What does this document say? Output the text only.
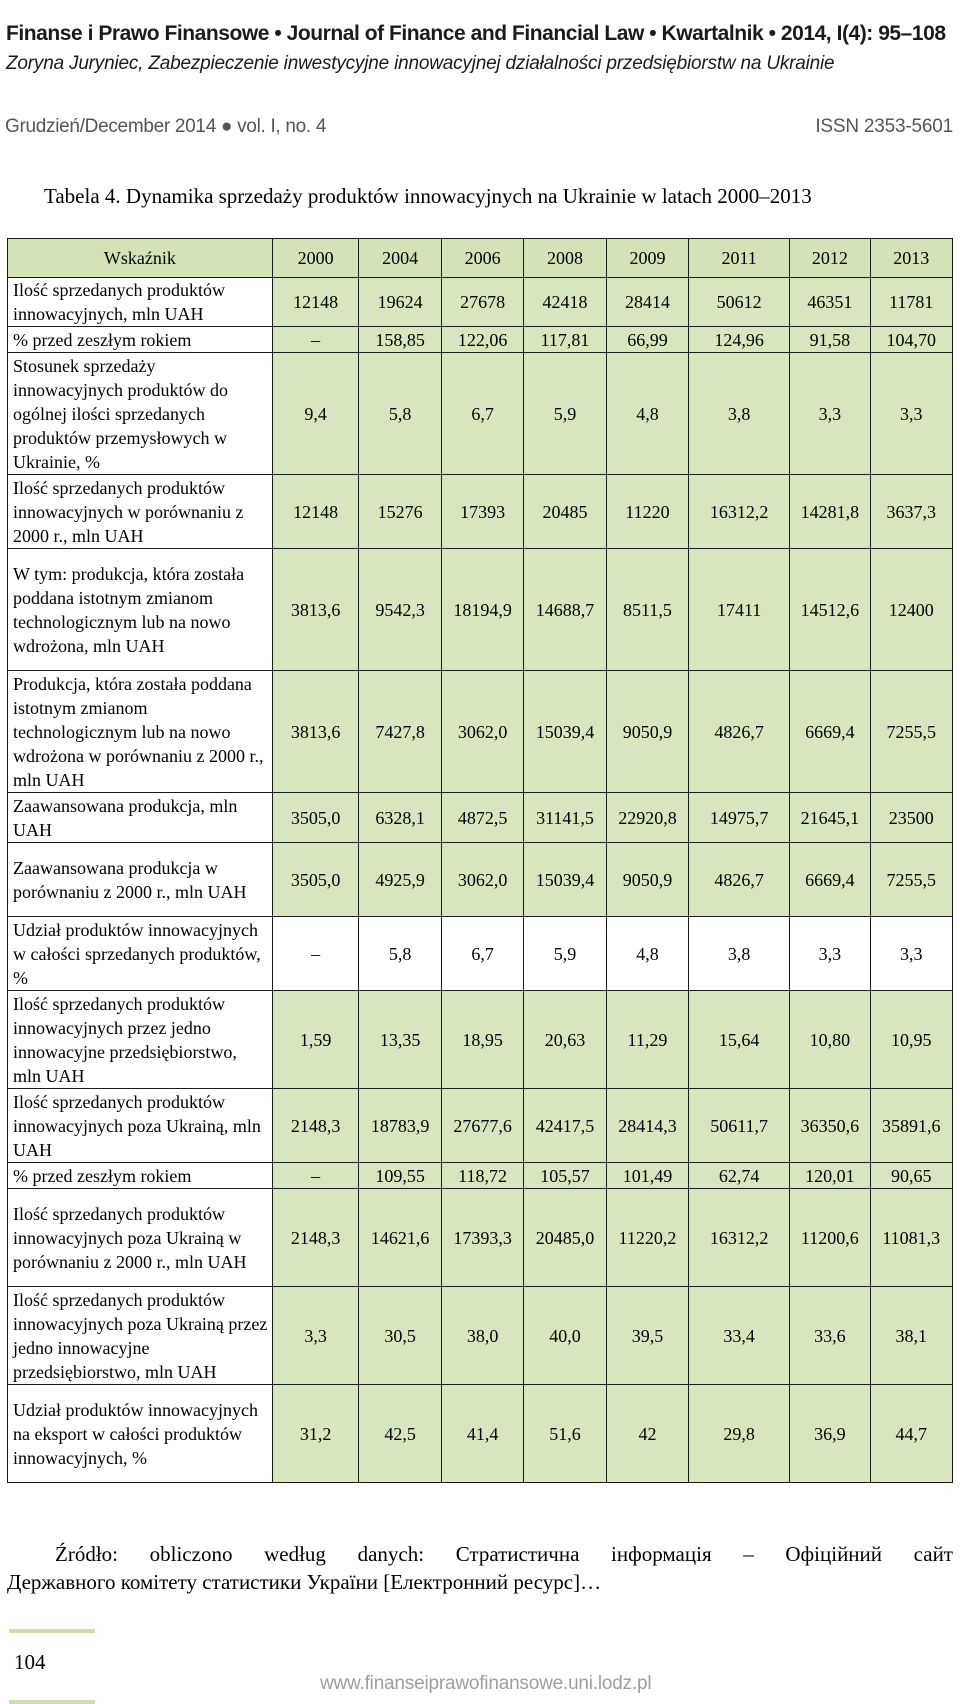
Finanse i Prawo Finansowe • Journal of Finance and Financial Law • Kwartalnik • 2014, I(4): 95–108
Zoryna Juryniec, Zabezpieczenie inwestycyjne innowacyjnej działalności przedsiębiorstw na Ukrainie
Grudzień/December 2014 ● vol. I, no. 4	ISSN 2353-5601
Tabela 4. Dynamika sprzedaży produktów innowacyjnych na Ukrainie w latach 2000–2013
Wskaźnik	2000	2004	2006	2008	2009	2011	2012	2013
Ilość sprzedanych produktów innowacyjnych, mln UAH	12148	19624	27678	42418	28414	50612	46351	11781
% przed zeszłym rokiem	–	158,85	122,06	117,81	66,99	124,96	91,58	104,70
Stosunek sprzedaży innowacyjnych produktów do ogólnej ilości sprzedanych produktów przemysłowych w Ukrainie, %	9,4	5,8	6,7	5,9	4,8	3,8	3,3	3,3
Ilość sprzedanych produktów innowacyjnych w porównaniu z 2000 r., mln UAH	12148	15276	17393	20485	11220	16312,2	14281,8	3637,3
W tym: produkcja, która została poddana istotnym zmianom technologicznym lub na nowo wdrożona, mln UAH	3813,6	9542,3	18194,9	14688,7	8511,5	17411	14512,6	12400
Produkcja, która została poddana istotnym zmianom technologicznym lub na nowo wdrożona w porównaniu z 2000 r., mln UAH	3813,6	7427,8	3062,0	15039,4	9050,9	4826,7	6669,4	7255,5
Zaawansowana produkcja, mln UAH	3505,0	6328,1	4872,5	31141,5	22920,8	14975,7	21645,1	23500
Zaawansowana produkcja w porównaniu z 2000 r., mln UAH	3505,0	4925,9	3062,0	15039,4	9050,9	4826,7	6669,4	7255,5
Udział produktów innowacyjnych w całości sprzedanych produktów, %	–	5,8	6,7	5,9	4,8	3,8	3,3	3,3
Ilość sprzedanych produktów innowacyjnych przez jedno innowacyjne przedsiębiorstwo, mln UAH	1,59	13,35	18,95	20,63	11,29	15,64	10,80	10,95
Ilość sprzedanych produktów innowacyjnych poza Ukrainą, mln UAH	2148,3	18783,9	27677,6	42417,5	28414,3	50611,7	36350,6	35891,6
% przed zeszłym rokiem	–	109,55	118,72	105,57	101,49	62,74	120,01	90,65
Ilość sprzedanych produktów innowacyjnych poza Ukrainą w porównaniu z 2000 r., mln UAH	2148,3	14621,6	17393,3	20485,0	11220,2	16312,2	11200,6	11081,3
Ilość sprzedanych produktów innowacyjnych poza Ukrainą przez jedno innowacyjne przedsiębiorstwo, mln UAH	3,3	30,5	38,0	40,0	39,5	33,4	33,6	38,1
Udział produktów innowacyjnych na eksport w całości produktów innowacyjnych, %	31,2	42,5	41,4	51,6	42	29,8	36,9	44,7
Źródło: obliczono według danych: Стратистична інформація – Офіційний сайт
Державного комітету статистики України [Електронний ресурс]…
104
www.finanseiprawofinansowe.uni.lodz.pl
